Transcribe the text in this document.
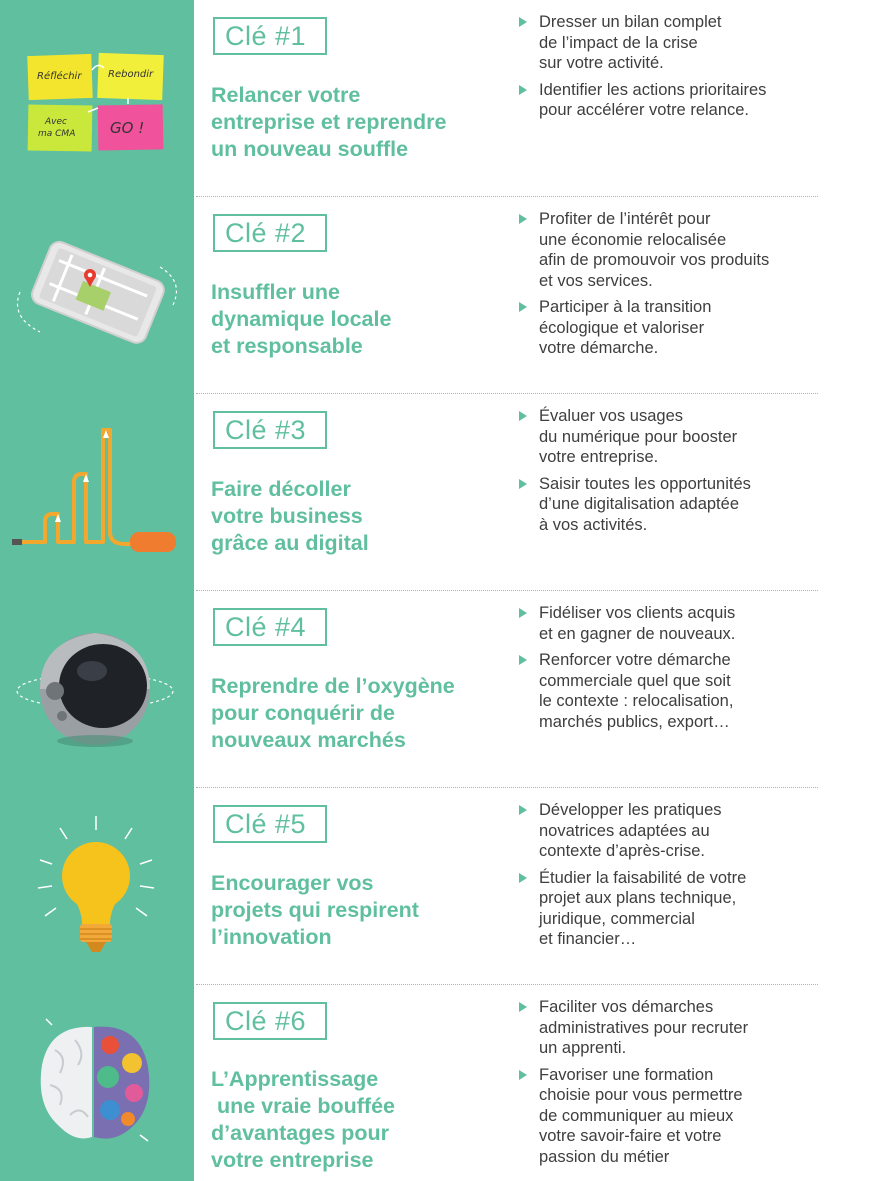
Réfléchir	Rebondir
Avec
ma CMA GO !
Clé #1
Relancer votre
entreprise et reprendre
un nouveau souffle
Dresser un bilan complet
de l’impact de la crise
sur votre activité.
Identifier les actions prioritaires
pour accélérer votre relance.
Clé #2
Insuffler une
dynamique locale
et responsable
Profiter de l’intérêt pour
une économie relocalisée
afin de promouvoir vos produits
et vos services.
Participer à la transition
écologique et valoriser
votre démarche.
Clé #3
Faire décoller
votre business
grâce au digital
Évaluer vos usages
du numérique pour booster
votre entreprise.
Saisir toutes les opportunités
d’une digitalisation adaptée
à vos activités.
Clé #4
Reprendre de l’oxygène
pour conquérir de
nouveaux marchés
Fidéliser vos clients acquis
et en gagner de nouveaux.
Renforcer votre démarche
commerciale quel que soit
le contexte : relocalisation,
marchés publics, export…
Clé #5
Encourager vos
projets qui respirent
l’innovation
Développer les pratiques
novatrices adaptées au
contexte d’après-crise.
Étudier la faisabilité de votre
projet aux plans technique,
juridique, commercial
et financier…
Clé #6
L’Apprentissage
une vraie bouffée
d’avantages pour
votre entreprise
Faciliter vos démarches
administratives pour recruter
un apprenti.
Favoriser une formation
choisie pour vous permettre
de communiquer au mieux
votre savoir-faire et votre
passion du métier
